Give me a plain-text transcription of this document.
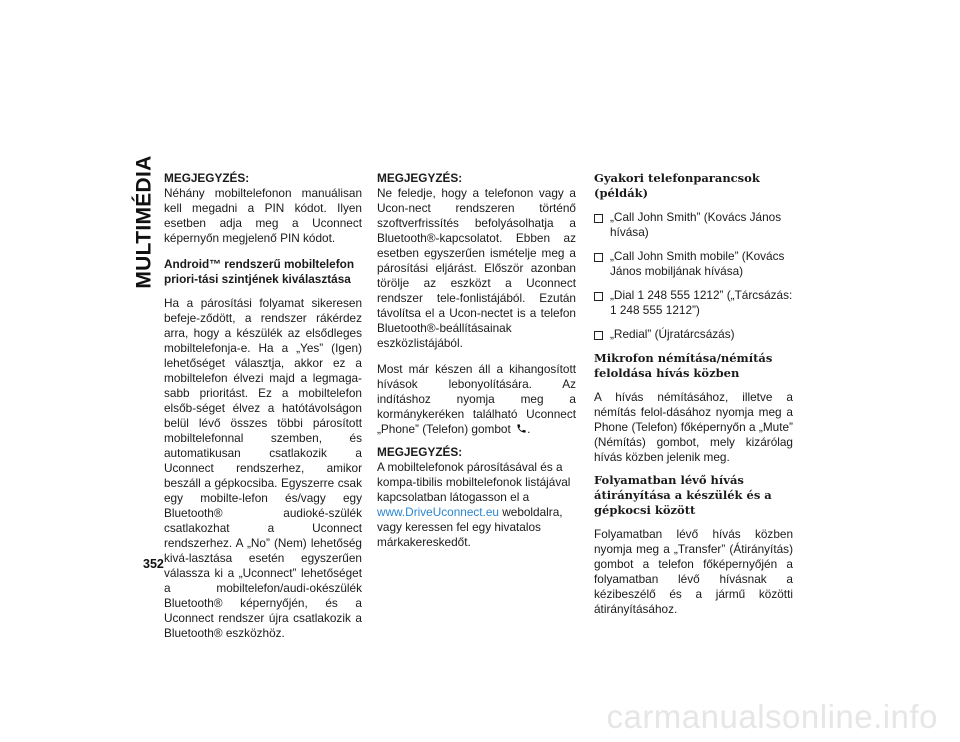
MULTIMÉDIA MEGJEGYZÉS:
Néhány mobiltelefonon manuálisan kell megadni a PIN kódot. Ilyen esetben adja meg a Uconnect képernyőn megjelenő PIN kódot.
Android™ rendszerű mobiltelefon priori-tási szintjének kiválasztása
Ha a párosítási folyamat sikeresen befeje-ződött, a rendszer rákérdez arra, hogy a készülék az elsődleges mobiltelefonja-e. Ha a „Yes” (Igen) lehetőséget választja, akkor ez a mobiltelefon élvezi majd a legmaga-sabb prioritást. Ez a mobiltelefon elsőb-séget élvez a hatótávolságon belül lévő összes többi párosított mobiltelefonnal szemben, és automatikusan csatlakozik a Uconnect rendszerhez, amikor beszáll a gépkocsiba. Egyszerre csak egy mobilte-lefon és/vagy egy Bluetooth® audioké-szülék csatlakozhat a Uconnect rendszerhez. A „No” (Nem) lehetőség kivá-lasztása esetén egyszerűen válassza ki a „Uconnect” lehetőséget a mobiltelefon/audi-okészülék Bluetooth® képernyőjén, és a Uconnect rendszer újra csatlakozik a Bluetooth® eszközhöz.
MEGJEGYZÉS:
Ne feledje, hogy a telefonon vagy a Ucon-nect rendszeren történő szoftverfrissítés befolyásolhatja a Bluetooth®-kapcsolatot. Ebben az esetben egyszerűen ismételje meg a párosítási eljárást. Először azonban törölje az eszközt a Uconnect rendszer tele-fonlistájából. Ezután távolítsa el a Ucon-nectet is a telefon Bluetooth®-beállításainak eszközlistájából.
Most már készen áll a kihangosított hívások lebonyolítására. Az indításhoz nyomja meg a kormánykeréken található Uconnect „Phone” (Telefon) gombot .
MEGJEGYZÉS:
A mobiltelefonok párosításával és a kompa-tibilis mobiltelefonok listájával kapcsolatban látogasson el a www.DriveUconnect.eu weboldalra, vagy keressen fel egy hivatalos márkakereskedőt.
Gyakori telefonparancsok (példák)
„Call John Smith” (Kovács János hívása)
„Call John Smith mobile” (Kovács János mobiljának hívása)
„Dial 1 248 555 1212” („Tárcsázás: 1 248 555 1212”)
„Redial” (Újratárcsázás)
Mikrofon némítása/némítás feloldása hívás közben
A hívás némításához, illetve a némítás felol-dásához nyomja meg a Phone (Telefon) főképernyőn a „Mute” (Némítás) gombot, mely kizárólag hívás közben jelenik meg.
Folyamatban lévő hívás átirányítása a készülék és a gépkocsi között
Folyamatban lévő hívás közben nyomja meg a „Transfer” (Átirányítás) gombot a telefon főképernyőjén a folyamatban lévő hívásnak a kézibeszélő és a jármű közötti átirányításához.
352
carmanualsonline.info
